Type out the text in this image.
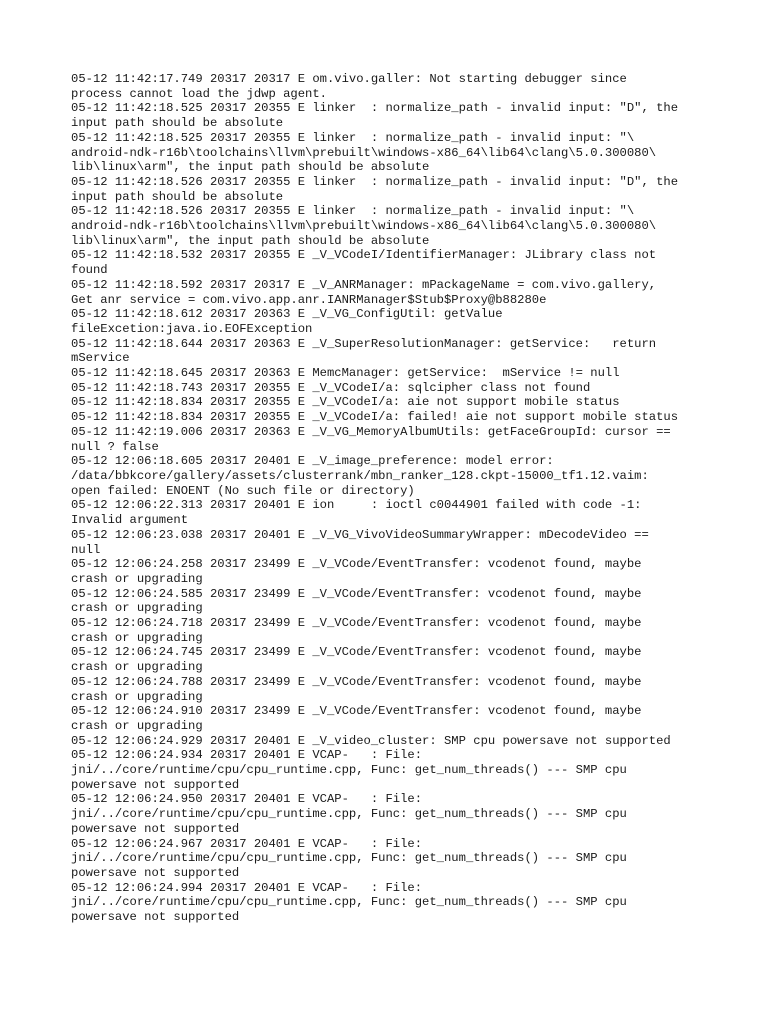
05-12 11:42:17.749 20317 20317 E om.vivo.galler: Not starting debugger since
process cannot load the jdwp agent.
05-12 11:42:18.525 20317 20355 E linker  : normalize_path - invalid input: "D", the
input path should be absolute
05-12 11:42:18.525 20317 20355 E linker  : normalize_path - invalid input: "\
android-ndk-r16b\toolchains\llvm\prebuilt\windows-x86_64\lib64\clang\5.0.300080\
lib\linux\arm", the input path should be absolute
05-12 11:42:18.526 20317 20355 E linker  : normalize_path - invalid input: "D", the
input path should be absolute
05-12 11:42:18.526 20317 20355 E linker  : normalize_path - invalid input: "\
android-ndk-r16b\toolchains\llvm\prebuilt\windows-x86_64\lib64\clang\5.0.300080\
lib\linux\arm", the input path should be absolute
05-12 11:42:18.532 20317 20355 E _V_VCodeI/IdentifierManager: JLibrary class not
found
05-12 11:42:18.592 20317 20317 E _V_ANRManager: mPackageName = com.vivo.gallery,
Get anr service = com.vivo.app.anr.IANRManager$Stub$Proxy@b88280e
05-12 11:42:18.612 20317 20363 E _V_VG_ConfigUtil: getValue
fileExcetion:java.io.EOFException
05-12 11:42:18.644 20317 20363 E _V_SuperResolutionManager: getService:   return
mService
05-12 11:42:18.645 20317 20363 E MemcManager: getService:  mService != null
05-12 11:42:18.743 20317 20355 E _V_VCodeI/a: sqlcipher class not found
05-12 11:42:18.834 20317 20355 E _V_VCodeI/a: aie not support mobile status
05-12 11:42:18.834 20317 20355 E _V_VCodeI/a: failed! aie not support mobile status
05-12 11:42:19.006 20317 20363 E _V_VG_MemoryAlbumUtils: getFaceGroupId: cursor ==
null ? false
05-12 12:06:18.605 20317 20401 E _V_image_preference: model error:
/data/bbkcore/gallery/assets/clusterrank/mbn_ranker_128.ckpt-15000_tf1.12.vaim:
open failed: ENOENT (No such file or directory)
05-12 12:06:22.313 20317 20401 E ion     : ioctl c0044901 failed with code -1:
Invalid argument
05-12 12:06:23.038 20317 20401 E _V_VG_VivoVideoSummaryWrapper: mDecodeVideo ==
null
05-12 12:06:24.258 20317 23499 E _V_VCode/EventTransfer: vcodenot found, maybe
crash or upgrading
05-12 12:06:24.585 20317 23499 E _V_VCode/EventTransfer: vcodenot found, maybe
crash or upgrading
05-12 12:06:24.718 20317 23499 E _V_VCode/EventTransfer: vcodenot found, maybe
crash or upgrading
05-12 12:06:24.745 20317 23499 E _V_VCode/EventTransfer: vcodenot found, maybe
crash or upgrading
05-12 12:06:24.788 20317 23499 E _V_VCode/EventTransfer: vcodenot found, maybe
crash or upgrading
05-12 12:06:24.910 20317 23499 E _V_VCode/EventTransfer: vcodenot found, maybe
crash or upgrading
05-12 12:06:24.929 20317 20401 E _V_video_cluster: SMP cpu powersave not supported
05-12 12:06:24.934 20317 20401 E VCAP-   : File:
jni/../core/runtime/cpu/cpu_runtime.cpp, Func: get_num_threads() --- SMP cpu
powersave not supported
05-12 12:06:24.950 20317 20401 E VCAP-   : File:
jni/../core/runtime/cpu/cpu_runtime.cpp, Func: get_num_threads() --- SMP cpu
powersave not supported
05-12 12:06:24.967 20317 20401 E VCAP-   : File:
jni/../core/runtime/cpu/cpu_runtime.cpp, Func: get_num_threads() --- SMP cpu
powersave not supported
05-12 12:06:24.994 20317 20401 E VCAP-   : File:
jni/../core/runtime/cpu/cpu_runtime.cpp, Func: get_num_threads() --- SMP cpu
powersave not supported
